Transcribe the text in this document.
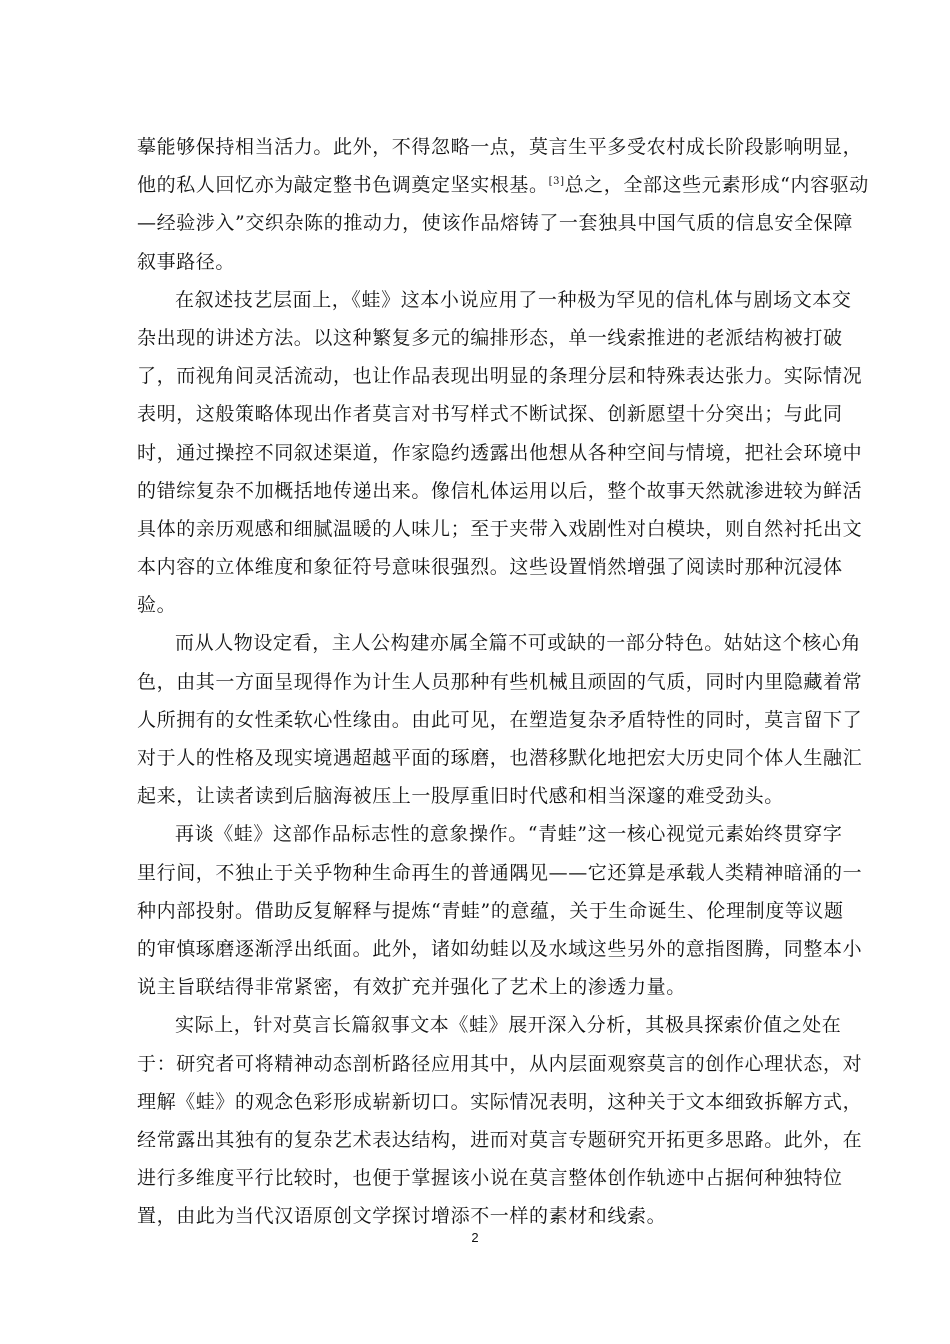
摹能够保持相当活力。此外，不得忽略一点，莫言生平多受农村成长阶段影响明显，
他的私人回忆亦为敲定整书色调奠定坚实根基。[3]总之，全部这些元素形成“内容驱动
—经验涉入”交织杂陈的推动力，使该作品熔铸了一套独具中国气质的信息安全保障
叙事路径。
在叙述技艺层面上，《蛙》这本小说应用了一种极为罕见的信札体与剧场文本交
杂出现的讲述方法。以这种繁复多元的编排形态，单一线索推进的老派结构被打破
了，而视角间灵活流动，也让作品表现出明显的条理分层和特殊表达张力。实际情况
表明，这般策略体现出作者莫言对书写样式不断试探、创新愿望十分突出；与此同
时，通过操控不同叙述渠道，作家隐约透露出他想从各种空间与情境，把社会环境中
的错综复杂不加概括地传递出来。像信札体运用以后，整个故事天然就渗进较为鲜活
具体的亲历观感和细腻温暖的人味儿；至于夹带入戏剧性对白模块，则自然衬托出文
本内容的立体维度和象征符号意味很强烈。这些设置悄然增强了阅读时那种沉浸体
验。
而从人物设定看，主人公构建亦属全篇不可或缺的一部分特色。姑姑这个核心角
色，由其一方面呈现得作为计生人员那种有些机械且顽固的气质，同时内里隐藏着常
人所拥有的女性柔软心性缘由。由此可见，在塑造复杂矛盾特性的同时，莫言留下了
对于人的性格及现实境遇超越平面的琢磨，也潜移默化地把宏大历史同个体人生融汇
起来，让读者读到后脑海被压上一股厚重旧时代感和相当深邃的难受劲头。
再谈《蛙》这部作品标志性的意象操作。“青蛙”这一核心视觉元素始终贯穿字
里行间，不独止于关乎物种生命再生的普通隅见——它还算是承载人类精神暗涌的一
种内部投射。借助反复解释与提炼“青蛙”的意蕴，关于生命诞生、伦理制度等议题
的审慎琢磨逐渐浮出纸面。此外，诸如幼蛙以及水域这些另外的意指图腾，同整本小
说主旨联结得非常紧密，有效扩充并强化了艺术上的渗透力量。
实际上，针对莫言长篇叙事文本《蛙》展开深入分析，其极具探索价值之处在
于：研究者可将精神动态剖析路径应用其中，从内层面观察莫言的创作心理状态，对
理解《蛙》的观念色彩形成崭新切口。实际情况表明，这种关于文本细致拆解方式，
经常露出其独有的复杂艺术表达结构，进而对莫言专题研究开拓更多思路。此外，在
进行多维度平行比较时，也便于掌握该小说在莫言整体创作轨迹中占据何种独特位
置，由此为当代汉语原创文学探讨增添不一样的素材和线索。
2
